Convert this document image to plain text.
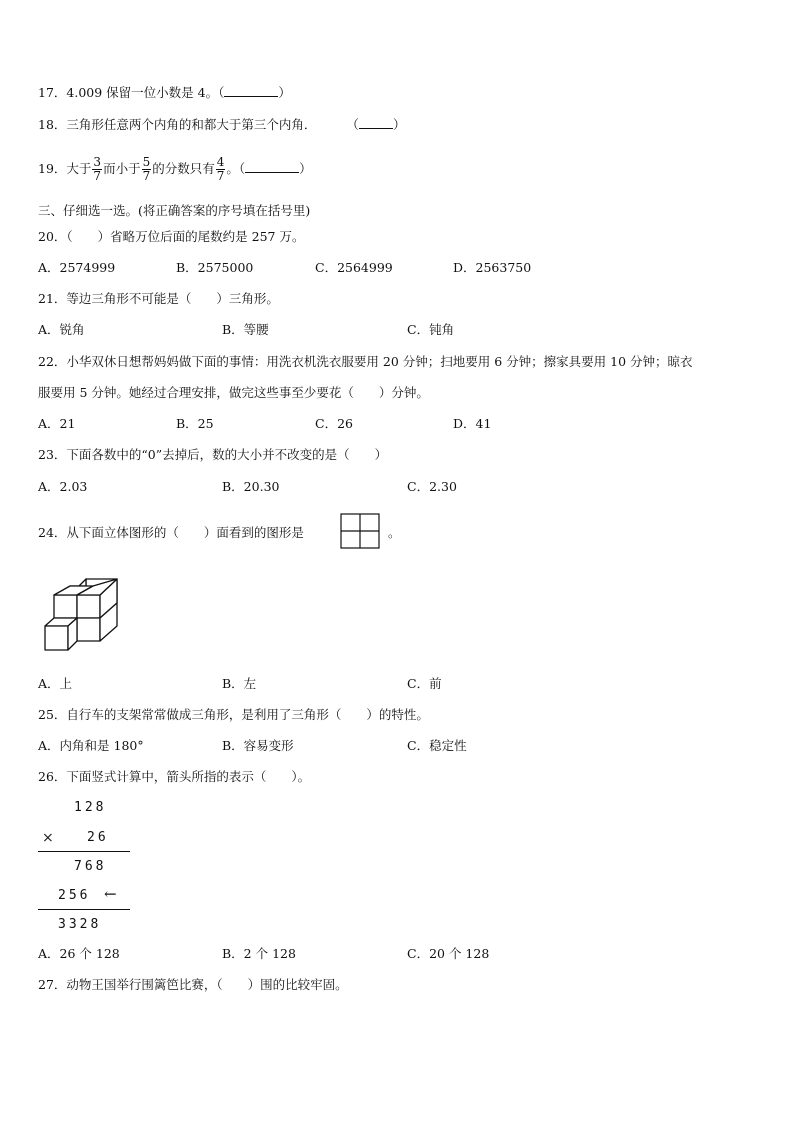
17．4.009 保留一位小数是 4。（	）
18．三角形任意两个内角的和都大于第三个内角． （	）
19．大于 $\frac{3}{7}$ 而小于 $\frac{5}{7}$ 的分数只有 $\frac{4}{7}$ 。（	）
三、仔细选一选。(将正确答案的序号填在括号里)
20．（　　）省略万位后面的尾数约是 257 万。
A．2574999	B．2575000	C．2564999	D．2563750
21．等边三角形不可能是（　　）三角形。
A．锐角	B．等腰	C．钝角
22．小华双休日想帮妈妈做下面的事情：用洗衣机洗衣服要用 20 分钟；扫地要用 6 分钟；擦家具要用 10 分钟；晾衣
服要用 5 分钟。她经过合理安排，做完这些事至少要花（　　）分钟。
A．21	B．25	C．26	D．41
23．下面各数中的“0”去掉后，数的大小并不改变的是（　　）
A．2.03	B．20.30	C．2.30
24．从下面立体图形的（　　）面看到的图形是	。
A．上	B．左	C．前
25．自行车的支架常常做成三角形，是利用了三角形（　　）的特性。
A．内角和是 180°	B．容易变形	C．稳定性
26．下面竖式计算中，箭头所指的表示（　　）。
128
×	26
768
256 ←
3328
A．26 个 128	B．2 个 128	C．20 个 128
27．动物王国举行围篱笆比赛，（　　）围的比较牢固。
